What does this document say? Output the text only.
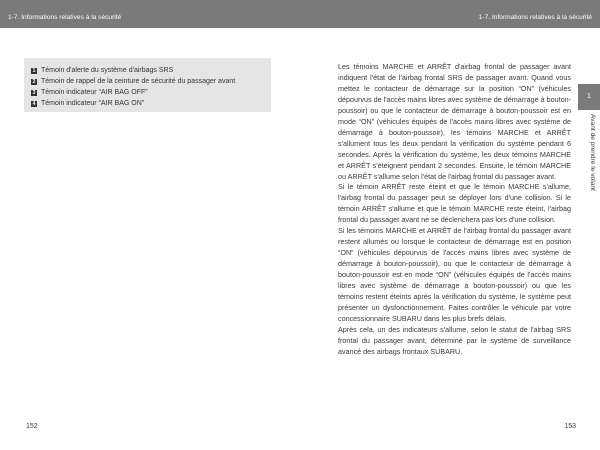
1-7. Informations relatives à la sécurité
1 Témoin d'alerte du système d'airbags SRS
2 Témoin de rappel de la ceinture de sécurité du passager avant
3 Témoin indicateur “AIR BAG OFF”
4 Témoin indicateur “AIR BAG ON”
152
1-7. Informations relatives à la sécurité

Les témoins MARCHE et ARRÊT d'airbag frontal de passager avant indiquent l'état de l'airbag frontal SRS de passager avant. Quand vous mettez le contacteur de démarrage sur la position “ON” (véhicules dépourvus de l'accès mains libres avec système de démarrage à bouton-poussoir) ou que le contacteur de démarrage à bouton-poussoir est en mode “ON” (véhicules équipés de l'accès mains libres avec système de démarrage à bouton-poussoir), les témoins MARCHE et ARRÊT s'allument tous les deux pendant la vérification du système pendant 6 secondes. Après la vérification du système, les deux témoins MARCHE et ARRÊT s'éteignent pendant 2 secondes. Ensuite, le témoin MARCHE ou ARRÊT s'allume selon l'état de l'airbag frontal du passager avant.

Si le témoin ARRÊT reste éteint et que le témoin MARCHE s'allume, l'airbag frontal du passager peut se déployer lors d'une collision. Si le témoin ARRÊT s'allume et que le témoin MARCHE reste éteint, l'airbag frontal du passager avant ne se déclenchera pas lors d'une collision.

Si les témoins MARCHE et ARRÊT de l'airbag frontal du passager avant restent allumés ou lorsque le contacteur de démarrage est en position “ON” (véhicules dépourvus de l'accès mains libres avec système de démarrage à bouton-poussoir), ou que le contacteur de démarrage à bouton-poussoir est en mode “ON” (véhicules équipés de l'accès mains libres avec système de démarrage à bouton-poussoir) ou que les témoins restent éteints après la vérification du système, le système peut présenter un dysfonctionnement. Faites contrôler le véhicule par votre concessionnaire SUBARU dans les plus brefs délais.

Après cela, un des indicateurs s'allume, selon le statut de l'airbag SRS frontal du passager avant, déterminé par le système de surveillance avancé des airbags frontaux SUBARU.

1
Avant de prendre le volant
153
